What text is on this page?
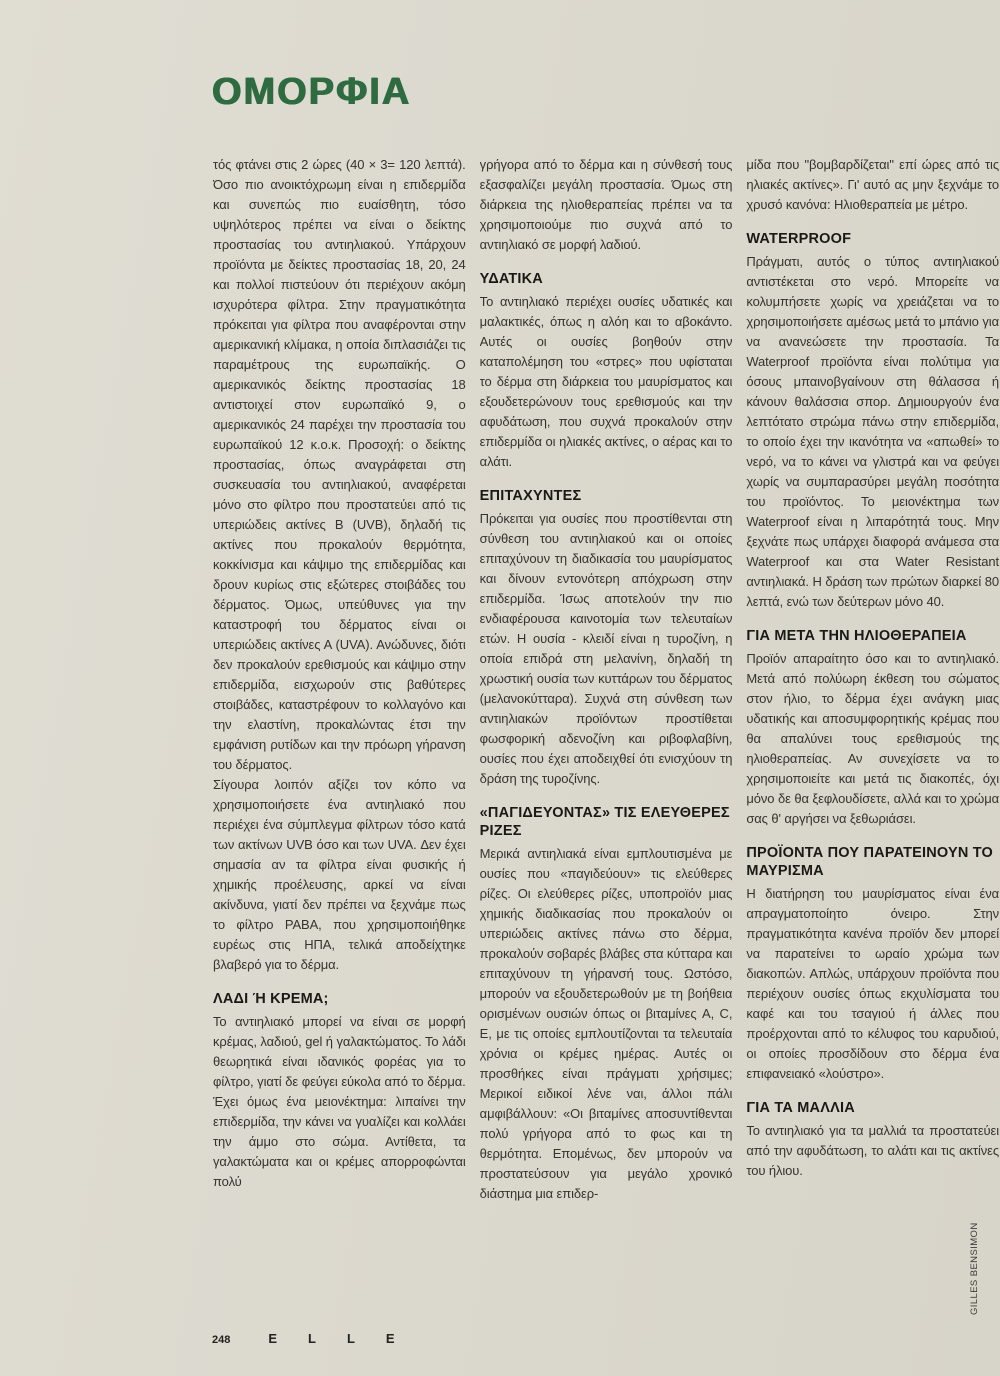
ΟΜΟΡΦΙΑ

τός φτάνει στις 2 ώρες (40 × 3= 120 λεπτά). Όσο πιο ανοικτόχρωμη είναι η επιδερμίδα και συνεπώς πιο ευαίσθητη, τόσο υψηλότερος πρέπει να είναι ο δείκτης προστασίας του αντιηλιακού. Υπάρχουν προϊόντα με δείκτες προστασίας 18, 20, 24 και πολλοί πιστεύουν ότι περιέχουν ακόμη ισχυρότερα φίλτρα. Στην πραγματικότητα πρόκειται για φίλτρα που αναφέρονται στην αμερικανική κλίμακα, η οποία διπλασιάζει τις παραμέτρους της ευρωπαϊκής. Ο αμερικανικός δείκτης προστασίας 18 αντιστοιχεί στον ευρωπαϊκό 9, ο αμερικανικός 24 παρέχει την προστασία του ευρωπαϊκού 12 κ.ο.κ. Προσοχή: ο δείκτης προστασίας, όπως αναγράφεται στη συσκευασία του αντιηλιακού, αναφέρεται μόνο στο φίλτρο που προστατεύει από τις υπεριώδεις ακτίνες Β (UVB), δηλαδή τις ακτίνες που προκαλούν θερμότητα, κοκκίνισμα και κάψιμο της επιδερμίδας και δρουν κυρίως στις εξώτερες στοιβάδες του δέρματος. Όμως, υπεύθυνες για την καταστροφή του δέρματος είναι οι υπεριώδεις ακτίνες Α (UVA). Ανώδυνες, διότι δεν προκαλούν ερεθισμούς και κάψιμο στην επιδερμίδα, εισχωρούν στις βαθύτερες στοιβάδες, καταστρέφουν το κολλαγόνο και την ελαστίνη, προκαλώντας έτσι την εμφάνιση ρυτίδων και την πρόωρη γήρανση του δέρματος.

Σίγουρα λοιπόν αξίζει τον κόπο να χρησιμοποιήσετε ένα αντιηλιακό που περιέχει ένα σύμπλεγμα φίλτρων τόσο κατά των ακτίνων UVB όσο και των UVA. Δεν έχει σημασία αν τα φίλτρα είναι φυσικής ή χημικής προέλευσης, αρκεί να είναι ακίνδυνα, γιατί δεν πρέπει να ξεχνάμε πως το φίλτρο PABA, που χρησιμοποιήθηκε ευρέως στις ΗΠΑ, τελικά αποδείχτηκε βλαβερό για το δέρμα.

ΛΑΔΙ Ή ΚΡΕΜΑ;

Το αντιηλιακό μπορεί να είναι σε μορφή κρέμας, λαδιού, gel ή γαλακτώματος. Το λάδι θεωρητικά είναι ιδανικός φορέας για το φίλτρο, γιατί δε φεύγει εύκολα από το δέρμα. Έχει όμως ένα μειονέκτημα: λιπαίνει την επιδερμίδα, την κάνει να γυαλίζει και κολλάει την άμμο στο σώμα. Αντίθετα, τα γαλακτώματα και οι κρέμες απορροφώνται πολύ

γρήγορα από το δέρμα και η σύνθεσή τους εξασφαλίζει μεγάλη προστασία. Όμως στη διάρκεια της ηλιοθεραπείας πρέπει να τα χρησιμοποιούμε πιο συχνά από το αντιηλιακό σε μορφή λαδιού.

ΥΔΑΤΙΚΑ

Το αντιηλιακό περιέχει ουσίες υδατικές και μαλακτικές, όπως η αλόη και το αβοκάντο. Αυτές οι ουσίες βοηθούν στην καταπολέμηση του «στρες» που υφίσταται το δέρμα στη διάρκεια του μαυρίσματος και εξουδετερώνουν τους ερεθισμούς και την αφυδάτωση, που συχνά προκαλούν στην επιδερμίδα οι ηλιακές ακτίνες, ο αέρας και το αλάτι.

ΕΠΙΤΑΧΥΝΤΕΣ

Πρόκειται για ουσίες που προστίθενται στη σύνθεση του αντιηλιακού και οι οποίες επιταχύνουν τη διαδικασία του μαυρίσματος και δίνουν εντονότερη απόχρωση στην επιδερμίδα. Ίσως αποτελούν την πιο ενδιαφέρουσα καινοτομία των τελευταίων ετών. Η ουσία - κλειδί είναι η τυροζίνη, η οποία επιδρά στη μελανίνη, δηλαδή τη χρωστική ουσία των κυττάρων του δέρματος (μελανοκύτταρα). Συχνά στη σύνθεση των αντιηλιακών προϊόντων προστίθεται φωσφορική αδενοζίνη και ριβοφλαβίνη, ουσίες που έχει αποδειχθεί ότι ενισχύουν τη δράση της τυροζίνης.

«ΠΑΓΙΔΕΥΟΝΤΑΣ» ΤΙΣ ΕΛΕΥΘΕΡΕΣ ΡΙΖΕΣ

Μερικά αντιηλιακά είναι εμπλουτισμένα με ουσίες που «παγιδεύουν» τις ελεύθερες ρίζες. Οι ελεύθερες ρίζες, υποπροϊόν μιας χημικής διαδικασίας που προκαλούν οι υπεριώδεις ακτίνες πάνω στο δέρμα, προκαλούν σοβαρές βλάβες στα κύτταρα και επιταχύνουν τη γήρανσή τους. Ωστόσο, μπορούν να εξουδετερωθούν με τη βοήθεια ορισμένων ουσιών όπως οι βιταμίνες A, C, E, με τις οποίες εμπλουτίζονται τα τελευταία χρόνια οι κρέμες ημέρας. Αυτές οι προσθήκες είναι πράγματι χρήσιμες; Μερικοί ειδικοί λένε ναι, άλλοι πάλι αμφιβάλλουν: «Οι βιταμίνες αποσυντίθενται πολύ γρήγορα από το φως και τη θερμότητα. Επομένως, δεν μπορούν να προστατεύσουν για μεγάλο χρονικό διάστημα μια επιδερ-

μίδα που "βομβαρδίζεται" επί ώρες από τις ηλιακές ακτίνες». Γι' αυτό ας μην ξεχνάμε το χρυσό κανόνα: Ηλιοθεραπεία με μέτρο.

WATERPROOF

Πράγματι, αυτός ο τύπος αντιηλιακού αντιστέκεται στο νερό. Μπορείτε να κολυμπήσετε χωρίς να χρειάζεται να το χρησιμοποιήσετε αμέσως μετά το μπάνιο για να ανανεώσετε την προστασία. Τα Waterproof προϊόντα είναι πολύτιμα για όσους μπαινοβγαίνουν στη θάλασσα ή κάνουν θαλάσσια σπορ. Δημιουργούν ένα λεπτότατο στρώμα πάνω στην επιδερμίδα, το οποίο έχει την ικανότητα να «απωθεί» το νερό, να το κάνει να γλιστρά και να φεύγει χωρίς να συμπαρασύρει μεγάλη ποσότητα του προϊόντος. Το μειονέκτημα των Waterproof είναι η λιπαρότητά τους. Μην ξεχνάτε πως υπάρχει διαφορά ανάμεσα στα Waterproof και στα Water Resistant αντιηλιακά. Η δράση των πρώτων διαρκεί 80 λεπτά, ενώ των δεύτερων μόνο 40.

ΓΙΑ ΜΕΤΑ ΤΗΝ ΗΛΙΟΘΕΡΑΠΕΙΑ

Προϊόν απαραίτητο όσο και το αντιηλιακό. Μετά από πολύωρη έκθεση του σώματος στον ήλιο, το δέρμα έχει ανάγκη μιας υδατικής και αποσυμφορητικής κρέμας που θα απαλύνει τους ερεθισμούς της ηλιοθεραπείας. Αν συνεχίσετε να το χρησιμοποιείτε και μετά τις διακοπές, όχι μόνο δε θα ξεφλουδίσετε, αλλά και το χρώμα σας θ' αργήσει να ξεθωριάσει.

ΠΡΟΪΟΝΤΑ ΠΟΥ ΠΑΡΑΤΕΙΝΟΥΝ ΤΟ ΜΑΥΡΙΣΜΑ

Η διατήρηση του μαυρίσματος είναι ένα απραγματοποίητο όνειρο. Στην πραγματικότητα κανένα προϊόν δεν μπορεί να παρατείνει το ωραίο χρώμα των διακοπών. Απλώς, υπάρχουν προϊόντα που περιέχουν ουσίες όπως εκχυλίσματα του καφέ και του τσαγιού ή άλλες που προέρχονται από το κέλυφος του καρυδιού, οι οποίες προσδίδουν στο δέρμα ένα επιφανειακό «λούστρο».

ΓΙΑ ΤΑ ΜΑΛΛΙΑ

Το αντιηλιακό για τα μαλλιά τα προστατεύει από την αφυδάτωση, το αλάτι και τις ακτίνες του ήλιου.

248	ELLE
GILLES BENSIMON
